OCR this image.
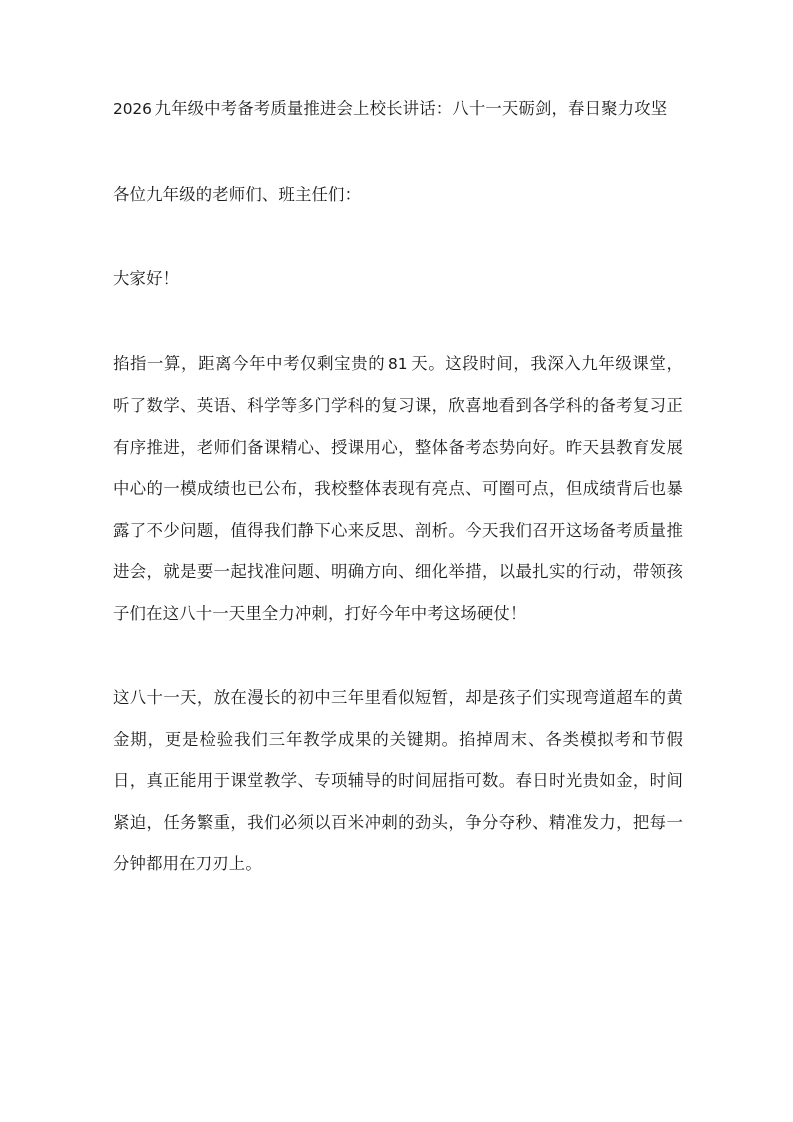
2026 九年级中考备考质量推进会上校长讲话：八十一天砺剑，春日聚力攻坚

各位九年级的老师们、班主任们：

大家好！

掐指一算，距离今年中考仅剩宝贵的 81 天。这段时间，我深入九年级课堂，听了数学、英语、科学等多门学科的复习课，欣喜地看到各学科的备考复习正有序推进，老师们备课精心、授课用心，整体备考态势向好。昨天县教育发展中心的一模成绩也已公布，我校整体表现有亮点、可圈可点，但成绩背后也暴露了不少问题，值得我们静下心来反思、剖析。今天我们召开这场备考质量推进会，就是要一起找准问题、明确方向、细化举措，以最扎实的行动，带领孩子们在这八十一天里全力冲刺，打好今年中考这场硬仗！

这八十一天，放在漫长的初中三年里看似短暂，却是孩子们实现弯道超车的黄金期，更是检验我们三年教学成果的关键期。掐掉周末、各类模拟考和节假日，真正能用于课堂教学、专项辅导的时间屈指可数。春日时光贵如金，时间紧迫，任务繁重，我们必须以百米冲刺的劲头，争分夺秒、精准发力，把每一分钟都用在刀刃上。
